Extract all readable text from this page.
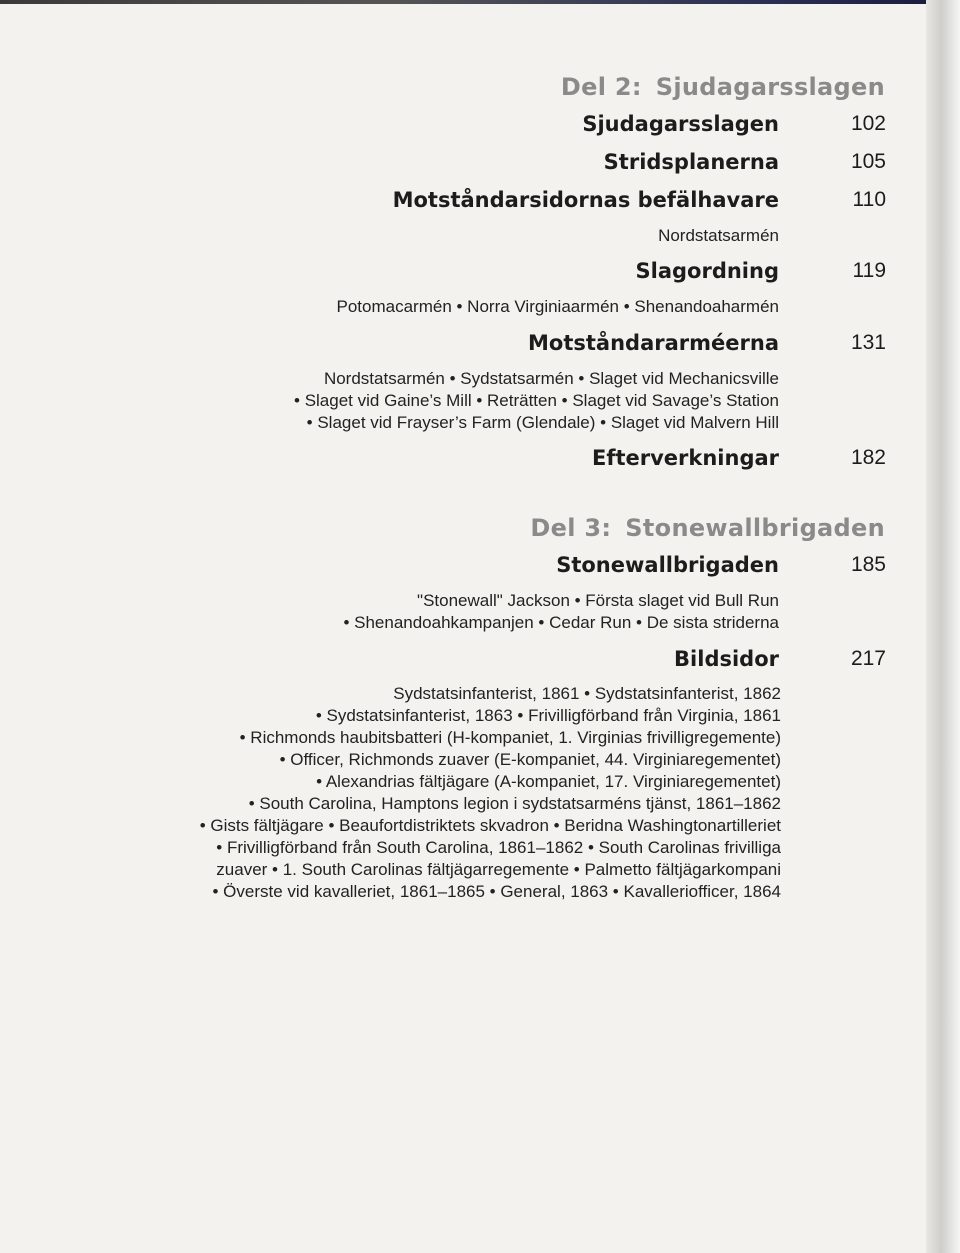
Del 2: Sjudagarsslagen
Sjudagarsslagen	102
Stridsplanerna	105
Motståndarsidornas befälhavare	110
Nordstatsarmén
Slagordning	119
Potomacarmén • Norra Virginiaarmén • Shenandoaharmén
Motståndararméerna	131
Nordstatsarmén • Sydstatsarmén • Slaget vid Mechanicsville
• Slaget vid Gaine’s Mill • Reträtten • Slaget vid Savage’s Station
• Slaget vid Frayser’s Farm (Glendale) • Slaget vid Malvern Hill
Efterverkningar	182
Del 3: Stonewallbrigaden
Stonewallbrigaden	185
"Stonewall" Jackson • Första slaget vid Bull Run
• Shenandoahkampanjen • Cedar Run • De sista striderna
Bildsidor	217
Sydstatsinfanterist, 1861 • Sydstatsinfanterist, 1862
• Sydstatsinfanterist, 1863 • Frivilligförband från Virginia, 1861
• Richmonds haubitsbatteri (H-kompaniet, 1. Virginias frivilligregemente)
• Officer, Richmonds zuaver (E-kompaniet, 44. Virginiaregementet)
• Alexandrias fältjägare (A-kompaniet, 17. Virginiaregementet)
• South Carolina, Hamptons legion i sydstatsarméns tjänst, 1861–1862
• Gists fältjägare • Beaufortdistriktets skvadron • Beridna Washingtonartilleriet
• Frivilligförband från South Carolina, 1861–1862 • South Carolinas frivilliga
zuaver • 1. South Carolinas fältjägarregemente • Palmetto fältjägarkompani
• Överste vid kavalleriet, 1861–1865 • General, 1863 • Kavalleriofficer, 1864
